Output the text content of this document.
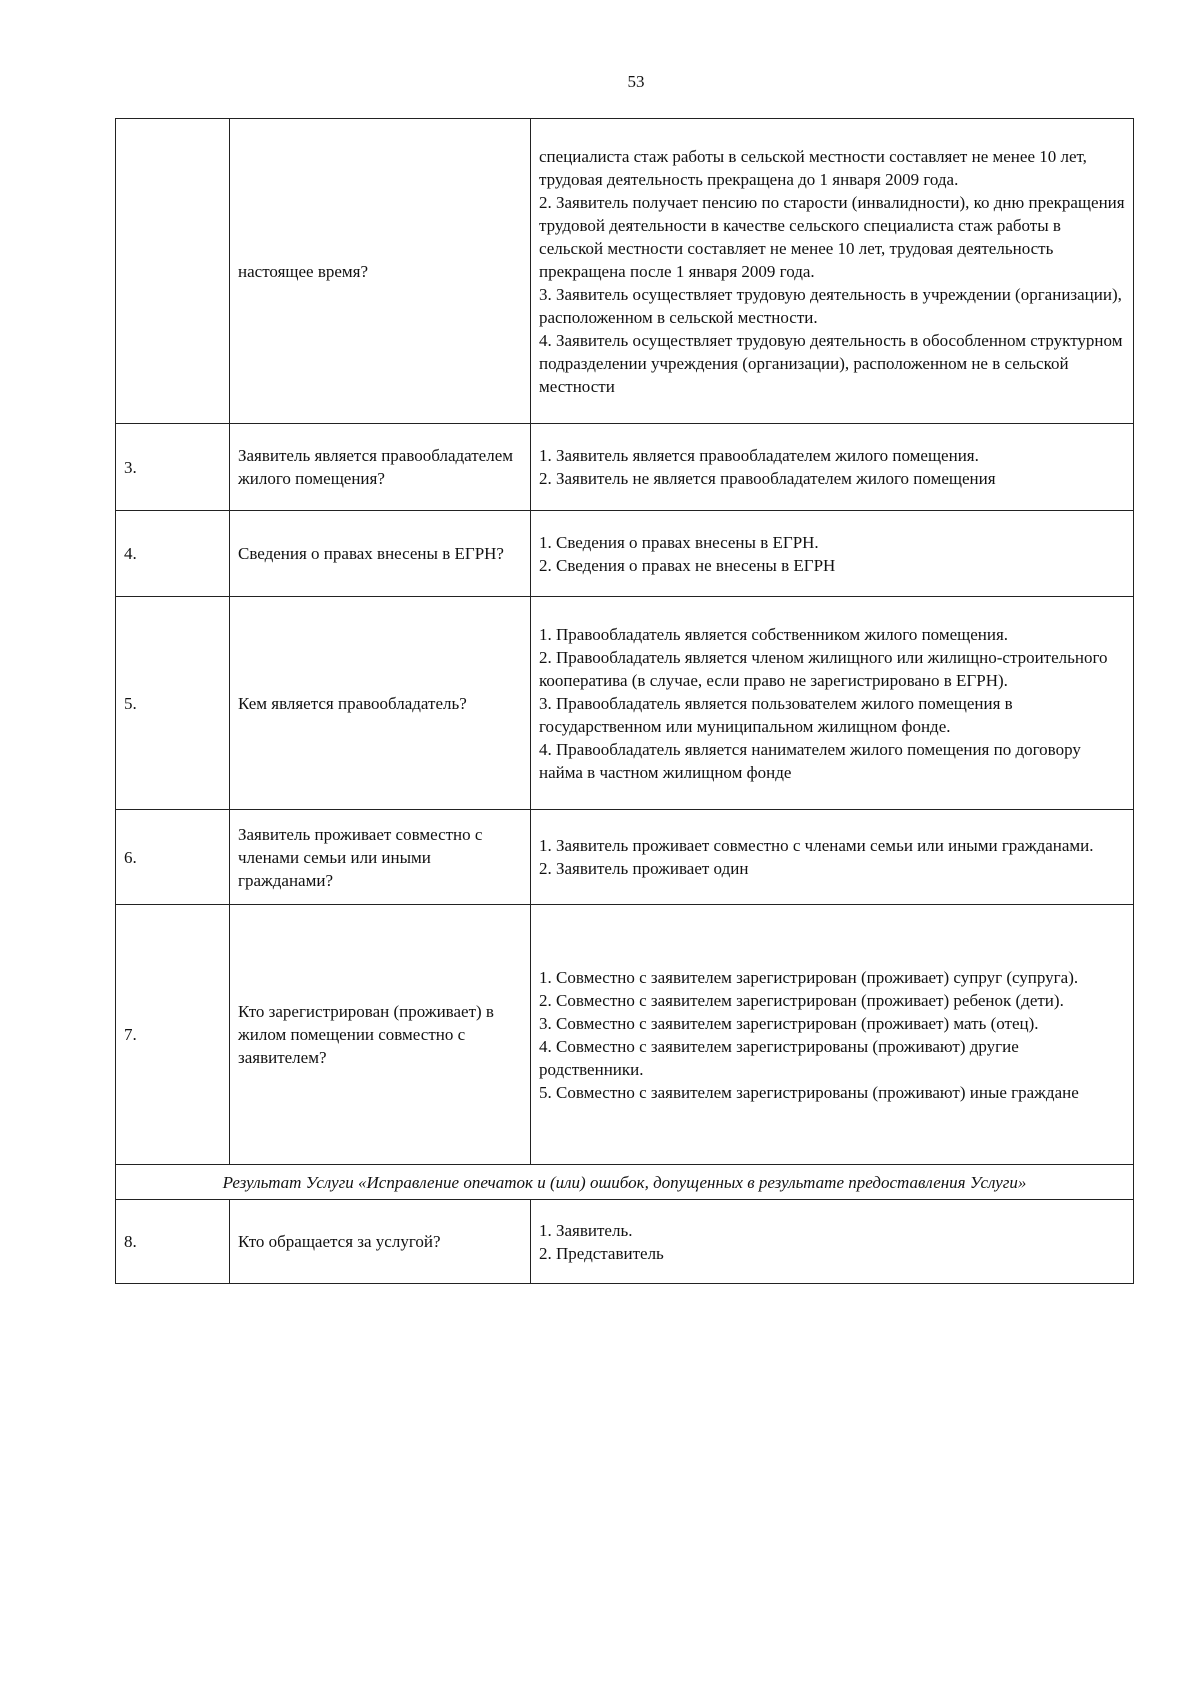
53
	настоящее время?	специалиста стаж работы в сельской местности составляет не менее 10 лет, трудовая деятельность прекращена до 1 января 2009 года.
2. Заявитель получает пенсию по старости (инвалидности), ко дню прекращения трудовой деятельности в качестве сельского специалиста стаж работы в сельской местности составляет не менее 10 лет, трудовая деятельность прекращена после 1 января 2009 года.
3. Заявитель осуществляет трудовую деятельность в учреждении (организации), расположенном в сельской местности.
4. Заявитель осуществляет трудовую деятельность в обособленном структурном подразделении учреждения (организации), расположенном не в сельской местности

3.	Заявитель является правообладателем жилого помещения?	1. Заявитель является правообладателем жилого помещения.
2. Заявитель не является правообладателем жилого помещения

4.	Сведения о правах внесены в ЕГРН?	1. Сведения о правах внесены в ЕГРН.
2. Сведения о правах не внесены в ЕГРН

5.	Кем является правообладатель?	1. Правообладатель является собственником жилого помещения.
2. Правообладатель является членом жилищного или жилищно-строительного кооператива (в случае, если право не зарегистрировано в ЕГРН).
3. Правообладатель является пользователем жилого помещения в государственном или муниципальном жилищном фонде.
4. Правообладатель является нанимателем жилого помещения по договору найма в частном жилищном фонде

6.	Заявитель проживает совместно с членами семьи или иными гражданами?	1. Заявитель проживает совместно с членами семьи или иными гражданами.
2. Заявитель проживает один

7.	Кто зарегистрирован (проживает) в жилом помещении совместно с заявителем?	1. Совместно с заявителем зарегистрирован (проживает) супруг (супруга).
2. Совместно с заявителем зарегистрирован (проживает) ребенок (дети).
3. Совместно с заявителем зарегистрирован (проживает) мать (отец).
4. Совместно с заявителем зарегистрированы (проживают) другие родственники.
5. Совместно с заявителем зарегистрированы (проживают) иные граждане

Результат Услуги «Исправление опечаток и (или) ошибок, допущенных в результате предоставления Услуги»		
8.	Кто обращается за услугой?	1. Заявитель.
2. Представитель
